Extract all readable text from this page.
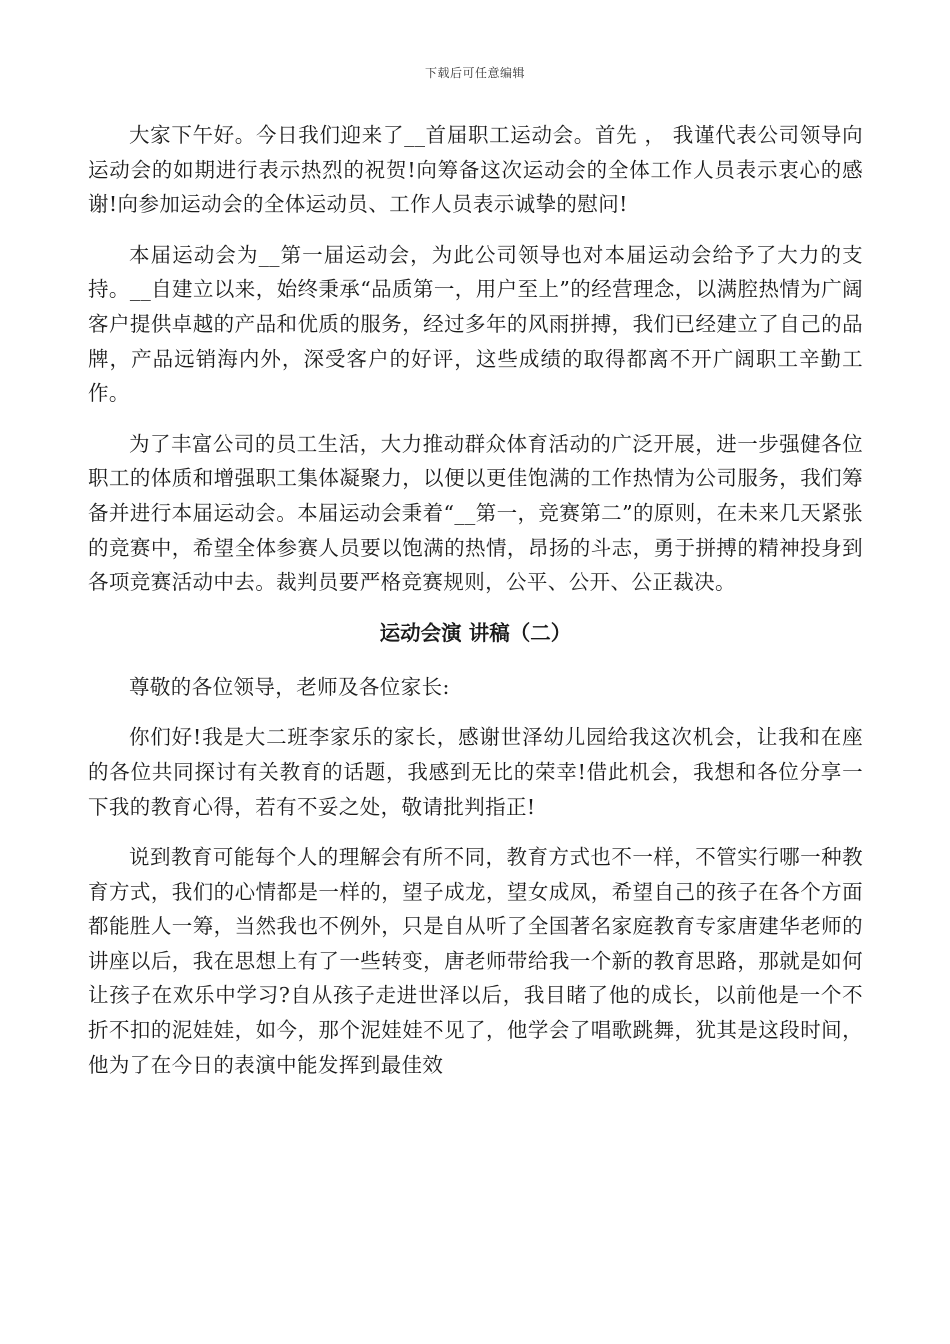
下载后可任意编辑

大家下午好。今日我们迎来了__首届职工运动会。首先 ， 我谨代表公司领导向运动会的如期进行表示热烈的祝贺!向筹备这次运动会的全体工作人员表示衷心的感谢!向参加运动会的全体运动员、工作人员表示诚挚的慰问!

本届运动会为__第一届运动会，为此公司领导也对本届运动会给予了大力的支持。__自建立以来，始终秉承“品质第一，用户至上”的经营理念，以满腔热情为广阔客户提供卓越的产品和优质的服务，经过多年的风雨拼搏，我们已经建立了自己的品牌，产品远销海内外，深受客户的好评，这些成绩的取得都离不开广阔职工辛勤工作。

为了丰富公司的员工生活，大力推动群众体育活动的广泛开展，进一步强健各位职工的体质和增强职工集体凝聚力，以便以更佳饱满的工作热情为公司服务，我们筹备并进行本届运动会。本届运动会秉着“__第一，竞赛第二”的原则，在未来几天紧张的竞赛中，希望全体参赛人员要以饱满的热情，昂扬的斗志，勇于拼搏的精神投身到各项竞赛活动中去。裁判员要严格竞赛规则，公平、公开、公正裁决。

运动会演 讲稿（二）

尊敬的各位领导，老师及各位家长:

你们好!我是大二班李家乐的家长，感谢世泽幼儿园给我这次机会，让我和在座的各位共同探讨有关教育的话题，我感到无比的荣幸!借此机会，我想和各位分享一下我的教育心得，若有不妥之处，敬请批判指正!

说到教育可能每个人的理解会有所不同，教育方式也不一样，不管实行哪一种教育方式，我们的心情都是一样的，望子成龙，望女成凤，希望自己的孩子在各个方面都能胜人一筹，当然我也不例外，只是自从听了全国著名家庭教育专家唐建华老师的讲座以后，我在思想上有了一些转变，唐老师带给我一个新的教育思路，那就是如何让孩子在欢乐中学习?自从孩子走进世泽以后，我目睹了他的成长，以前他是一个不折不扣的泥娃娃，如今，那个泥娃娃不见了，他学会了唱歌跳舞，犹其是这段时间，他为了在今日的表演中能发挥到最佳效
